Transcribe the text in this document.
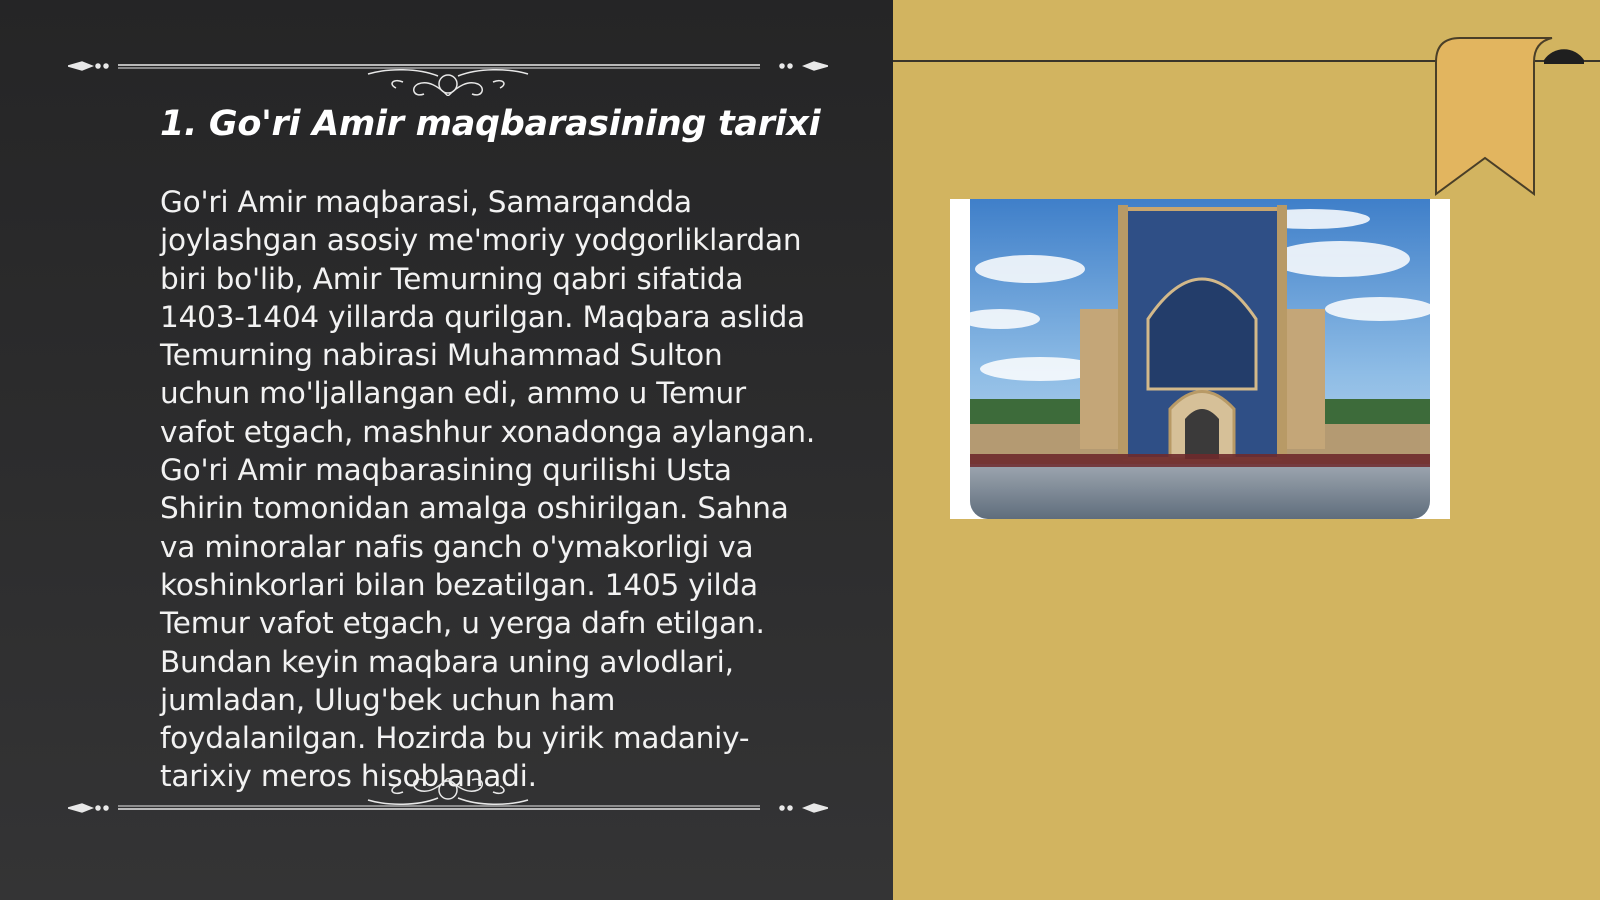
1. Go'ri Amir maqbarasining tarixi
Go'ri Amir maqbarasi, Samarqandda
joylashgan asosiy me'moriy yodgorliklardan
biri bo'lib, Amir Temurning qabri sifatida
1403-1404 yillarda qurilgan. Maqbara aslida
Temurning nabirasi Muhammad Sulton
uchun mo'ljallangan edi, ammo u Temur
vafot etgach, mashhur xonadonga aylangan.
Go'ri Amir maqbarasining qurilishi Usta
Shirin tomonidan amalga oshirilgan. Sahna
va minoralar nafis ganch o'ymakorligi va
koshinkorlari bilan bezatilgan. 1405 yilda
Temur vafot etgach, u yerga dafn etilgan.
Bundan keyin maqbara uning avlodlari,
jumladan, Ulug'bek uchun ham
foydalanilgan. Hozirda bu yirik madaniy-
tarixiy meros hisoblanadi.
